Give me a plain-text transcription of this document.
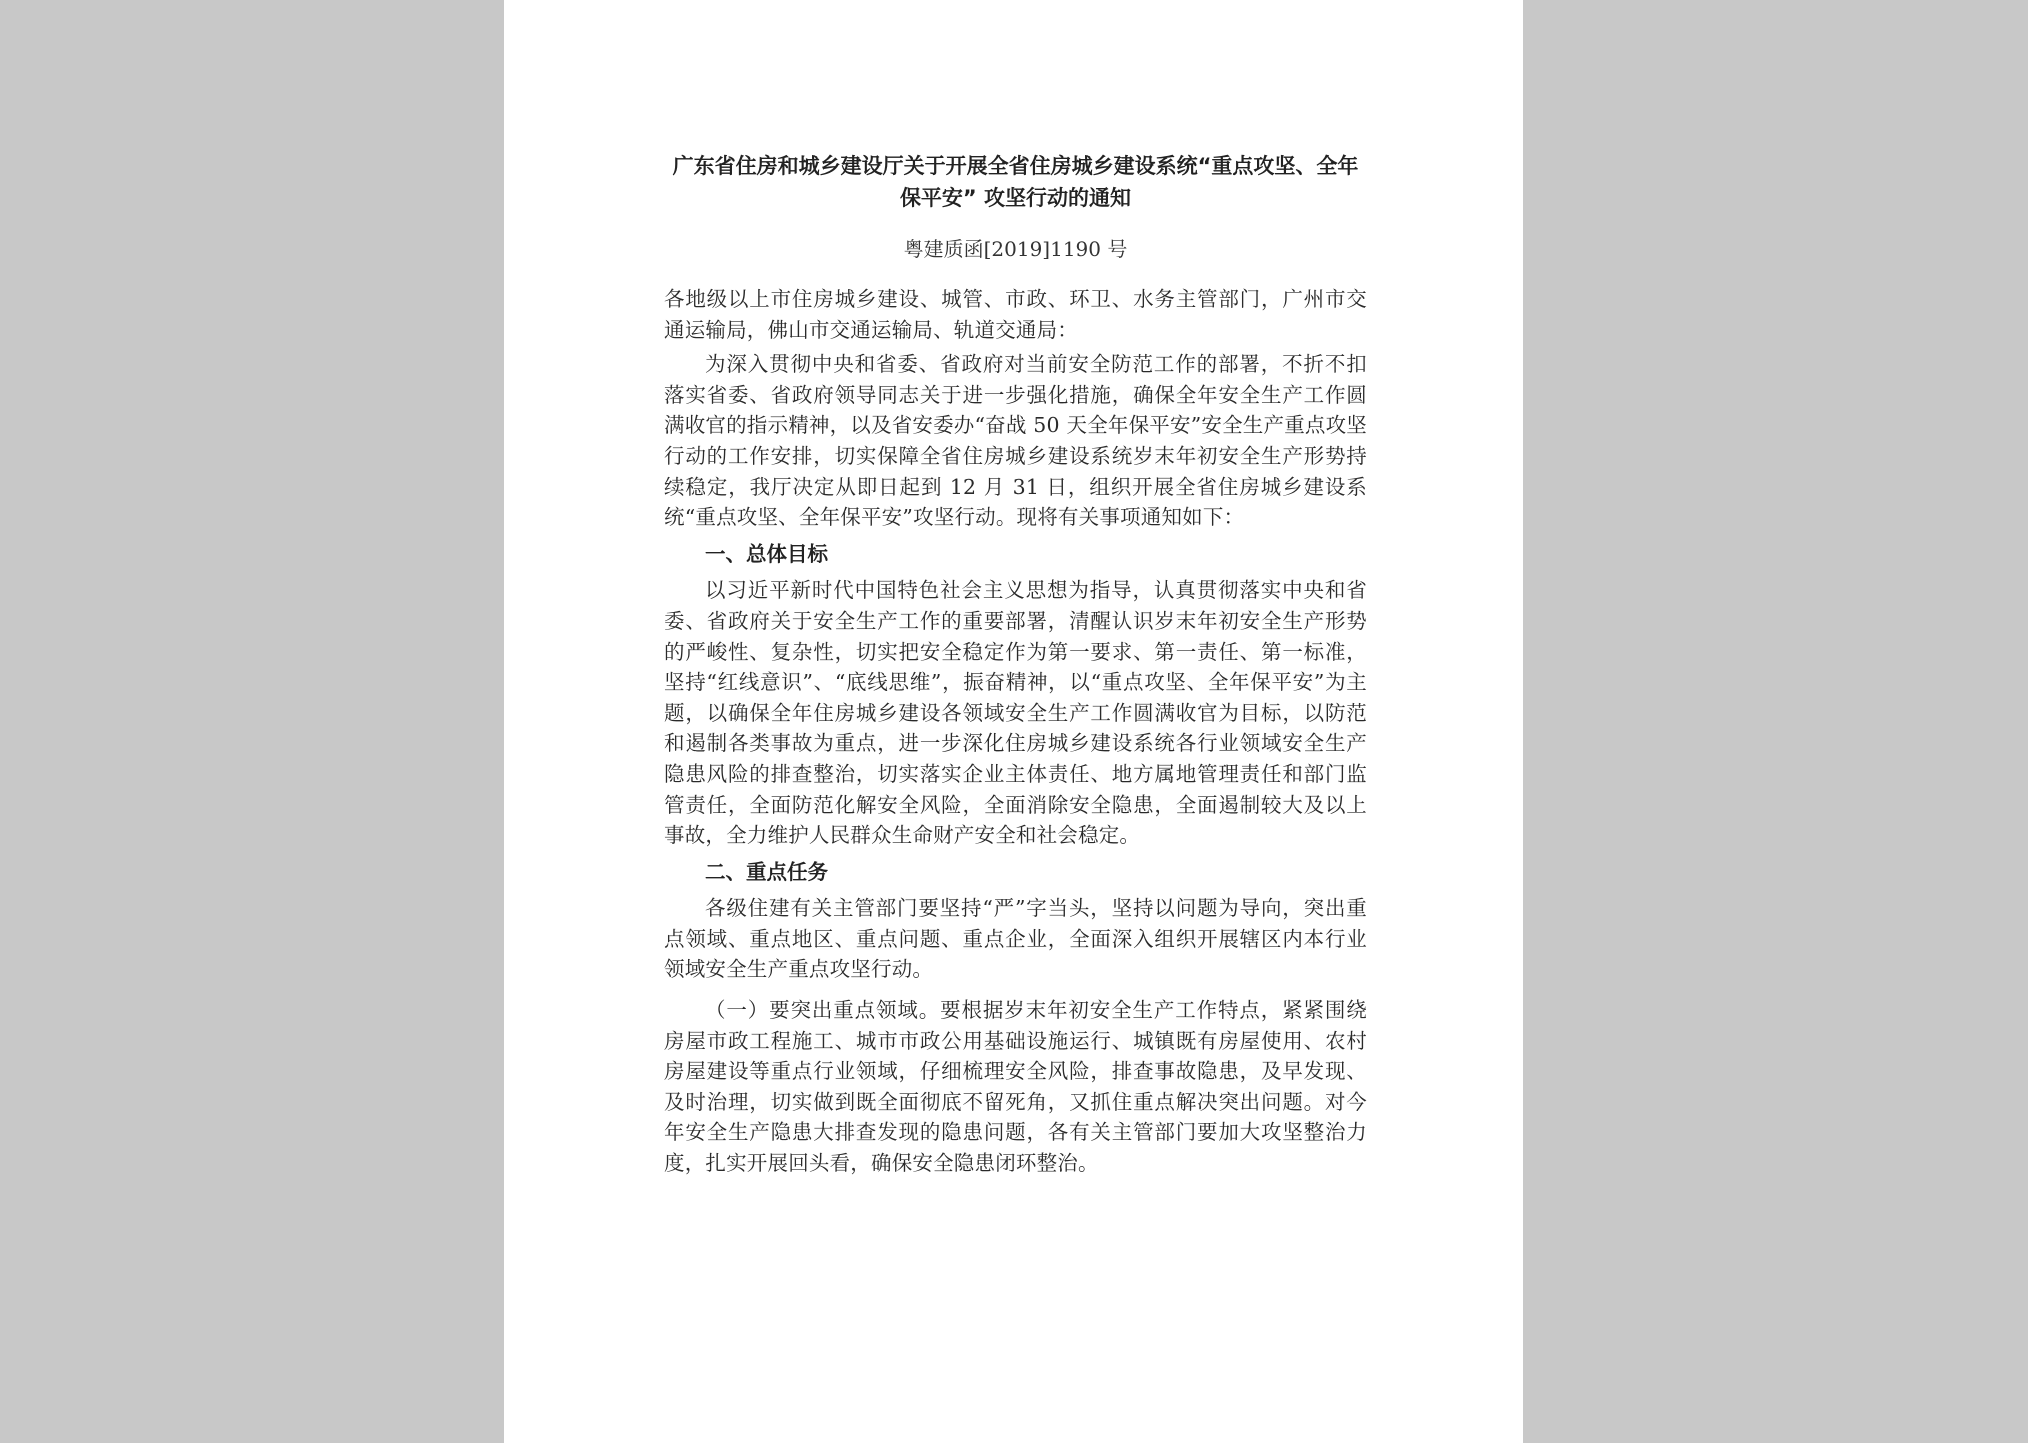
广东省住房和城乡建设厅关于开展全省住房城乡建设系统“重点攻坚、全年保平安” 攻坚行动的通知
粤建质函[2019]1190 号

各地级以上市住房城乡建设、城管、市政、环卫、水务主管部门，广州市交通运输局，佛山市交通运输局、轨道交通局：

为深入贯彻中央和省委、省政府对当前安全防范工作的部署，不折不扣落实省委、省政府领导同志关于进一步强化措施，确保全年安全生产工作圆满收官的指示精神，以及省安委办“奋战 50 天全年保平安”安全生产重点攻坚行动的工作安排，切实保障全省住房城乡建设系统岁末年初安全生产形势持续稳定，我厅决定从即日起到 12 月 31 日，组织开展全省住房城乡建设系统“重点攻坚、全年保平安”攻坚行动。现将有关事项通知如下：

一、总体目标

以习近平新时代中国特色社会主义思想为指导，认真贯彻落实中央和省委、省政府关于安全生产工作的重要部署，清醒认识岁末年初安全生产形势的严峻性、复杂性，切实把安全稳定作为第一要求、第一责任、第一标准，坚持“红线意识”、“底线思维”，振奋精神，以“重点攻坚、全年保平安”为主题，以确保全年住房城乡建设各领域安全生产工作圆满收官为目标，以防范和遏制各类事故为重点，进一步深化住房城乡建设系统各行业领域安全生产隐患风险的排查整治，切实落实企业主体责任、地方属地管理责任和部门监管责任，全面防范化解安全风险，全面消除安全隐患，全面遏制较大及以上事故，全力维护人民群众生命财产安全和社会稳定。

二、重点任务

各级住建有关主管部门要坚持“严”字当头，坚持以问题为导向，突出重点领域、重点地区、重点问题、重点企业，全面深入组织开展辖区内本行业领域安全生产重点攻坚行动。

（一）要突出重点领域。要根据岁末年初安全生产工作特点，紧紧围绕房屋市政工程施工、城市市政公用基础设施运行、城镇既有房屋使用、农村房屋建设等重点行业领域，仔细梳理安全风险，排查事故隐患，及早发现、及时治理，切实做到既全面彻底不留死角，又抓住重点解决突出问题。对今年安全生产隐患大排查发现的隐患问题，各有关主管部门要加大攻坚整治力度，扎实开展回头看，确保安全隐患闭环整治。
